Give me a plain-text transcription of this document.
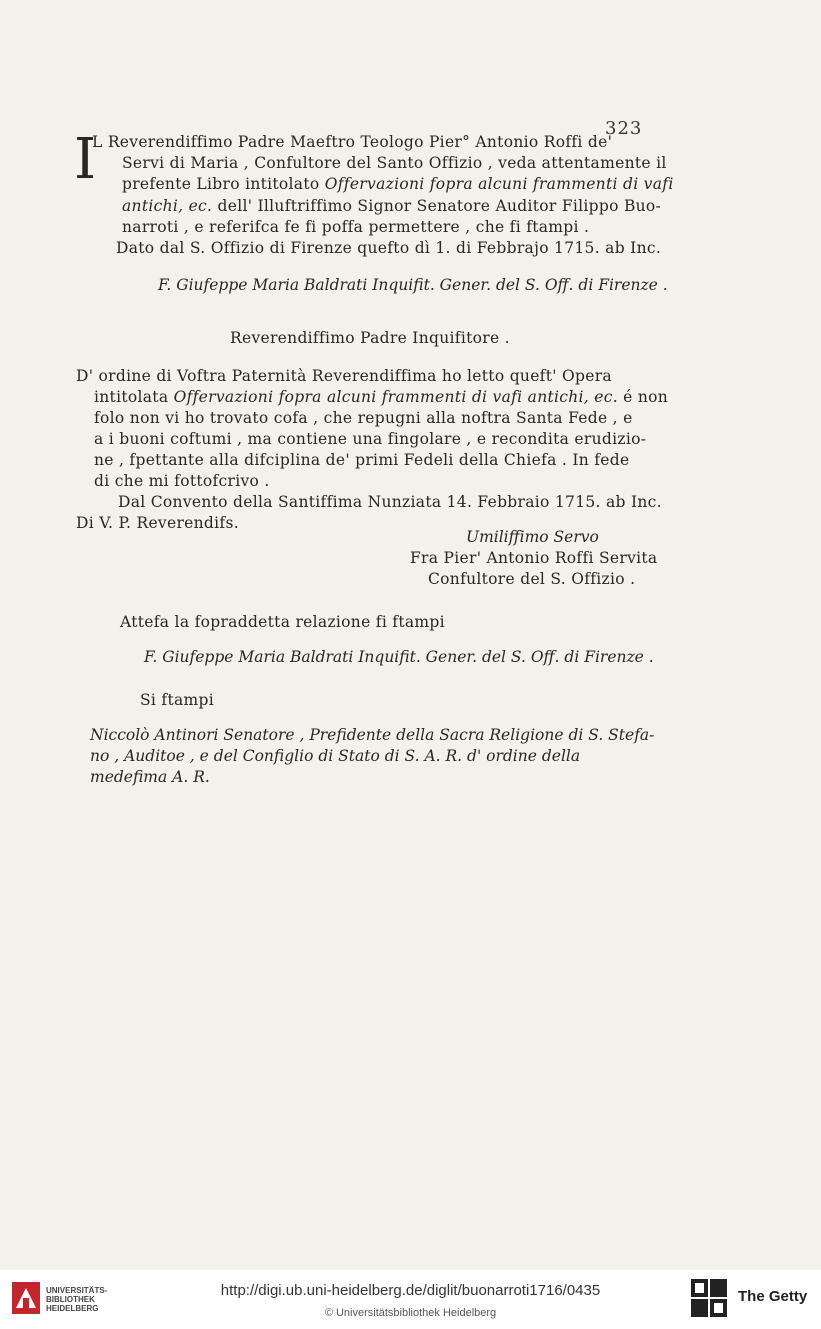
323
I
L Reverendiffimo Padre Maeftro Teologo Pier° Antonio Roffi de'
Servi di Maria , Confultore del Santo Offizio , veda attentamente il
prefente Libro intitolato Offervazioni fopra alcuni frammenti di vafi
antichi, ec. dell' Illuftriffimo Signor Senatore Auditor Filippo Buo-
narroti , e referifca fe fi poffa permettere , che fi ftampi .
Dato dal S. Offizio di Firenze quefto dì 1. di Febbrajo 1715. ab Inc.
F. Giufeppe Maria Baldrati Inquifit. Gener. del S. Off. di Firenze .
Reverendiffimo Padre Inquifitore .
D' ordine di Voftra Paternità Reverendiffima ho letto queft' Opera
intitolata Offervazioni fopra alcuni frammenti di vafi antichi, ec. é non
folo non vi ho trovato cofa , che repugni alla noftra Santa Fede , e
a i buoni coftumi , ma contiene una fingolare , e recondita erudizio-
ne , fpettante alla difciplina de' primi Fedeli della Chiefa . In fede
di che mi fottofcrivo .
Dal Convento della Santiffima Nunziata 14. Febbraio 1715. ab Inc.
Di V. P. Reverendifs.
Umiliffimo Servo
Fra Pier' Antonio Roffi Servita
Confultore del S. Offizio .
Attefa la fopraddetta relazione fi ftampi
F. Giufeppe Maria Baldrati Inquifit. Gener. del S. Off. di Firenze .
Si ftampi
Niccolò Antinori Senatore , Prefidente della Sacra Religione di S. Stefa-
no , Auditoe , e del Configlio di Stato di S. A. R. d' ordine della
medefima A. R.
UNIVERSITÄTS-
BIBLIOTHEK
HEIDELBERG
http://digi.ub.uni-heidelberg.de/diglit/buonarroti1716/0435
© Universitätsbibliothek Heidelberg
The Getty
